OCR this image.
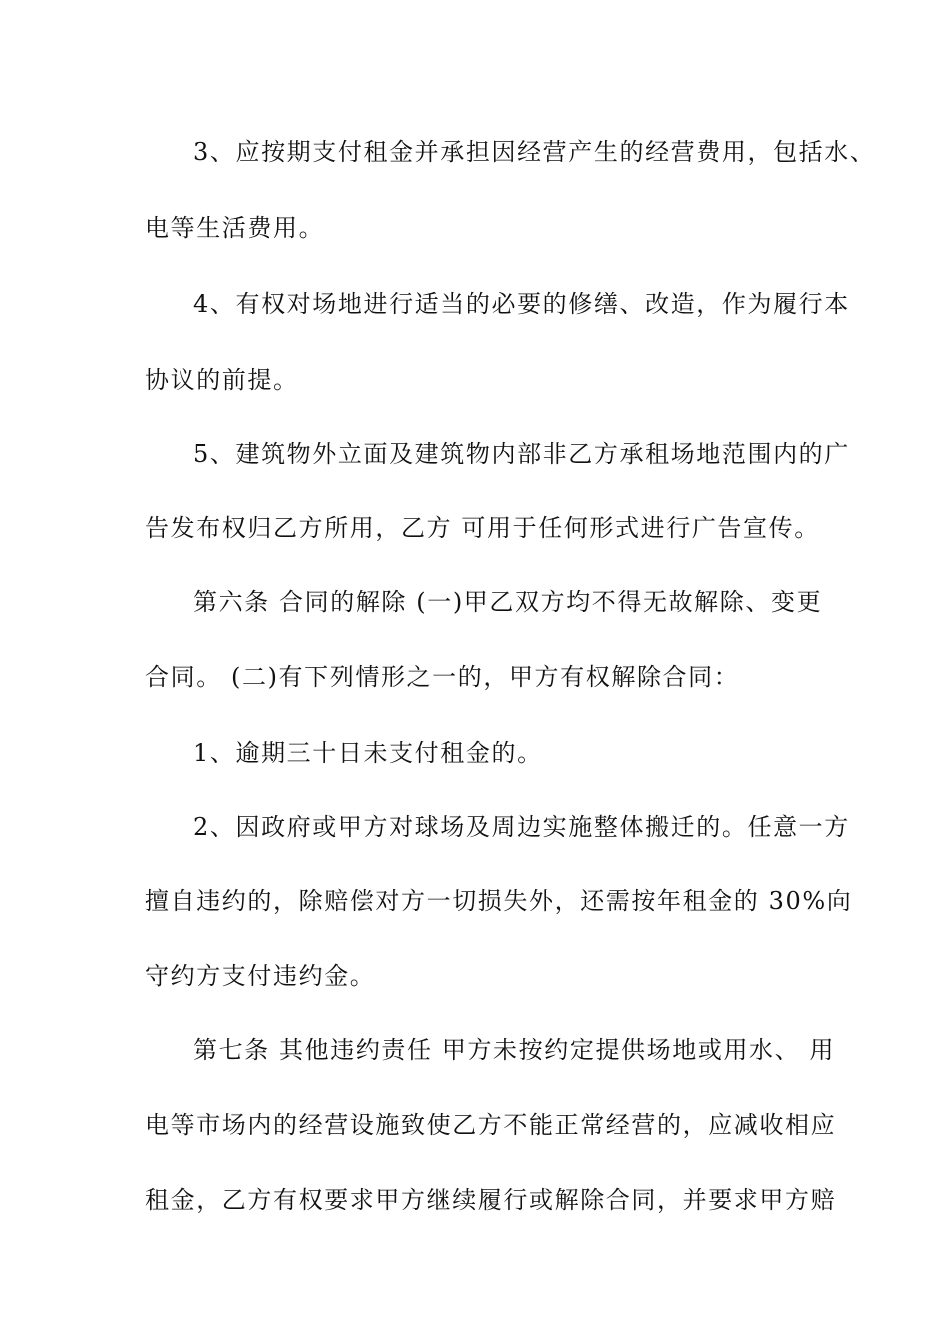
3、应按期支付租金并承担因经营产生的经营费用，包括水、
电等生活费用。
4、有权对场地进行适当的必要的修缮、改造，作为履行本
协议的前提。
5、建筑物外立面及建筑物内部非乙方承租场地范围内的广
告发布权归乙方所用，乙方 可用于任何形式进行广告宣传。
第六条 合同的解除 (一)甲乙双方均不得无故解除、变更
合同。 (二)有下列情形之一的，甲方有权解除合同：
1、逾期三十日未支付租金的。
2、因政府或甲方对球场及周边实施整体搬迁的。任意一方
擅自违约的，除赔偿对方一切损失外，还需按年租金的 30%向
守约方支付违约金。
第七条 其他违约责任 甲方未按约定提供场地或用水、 用
电等市场内的经营设施致使乙方不能正常经营的，应减收相应
租金，乙方有权要求甲方继续履行或解除合同，并要求甲方赔
